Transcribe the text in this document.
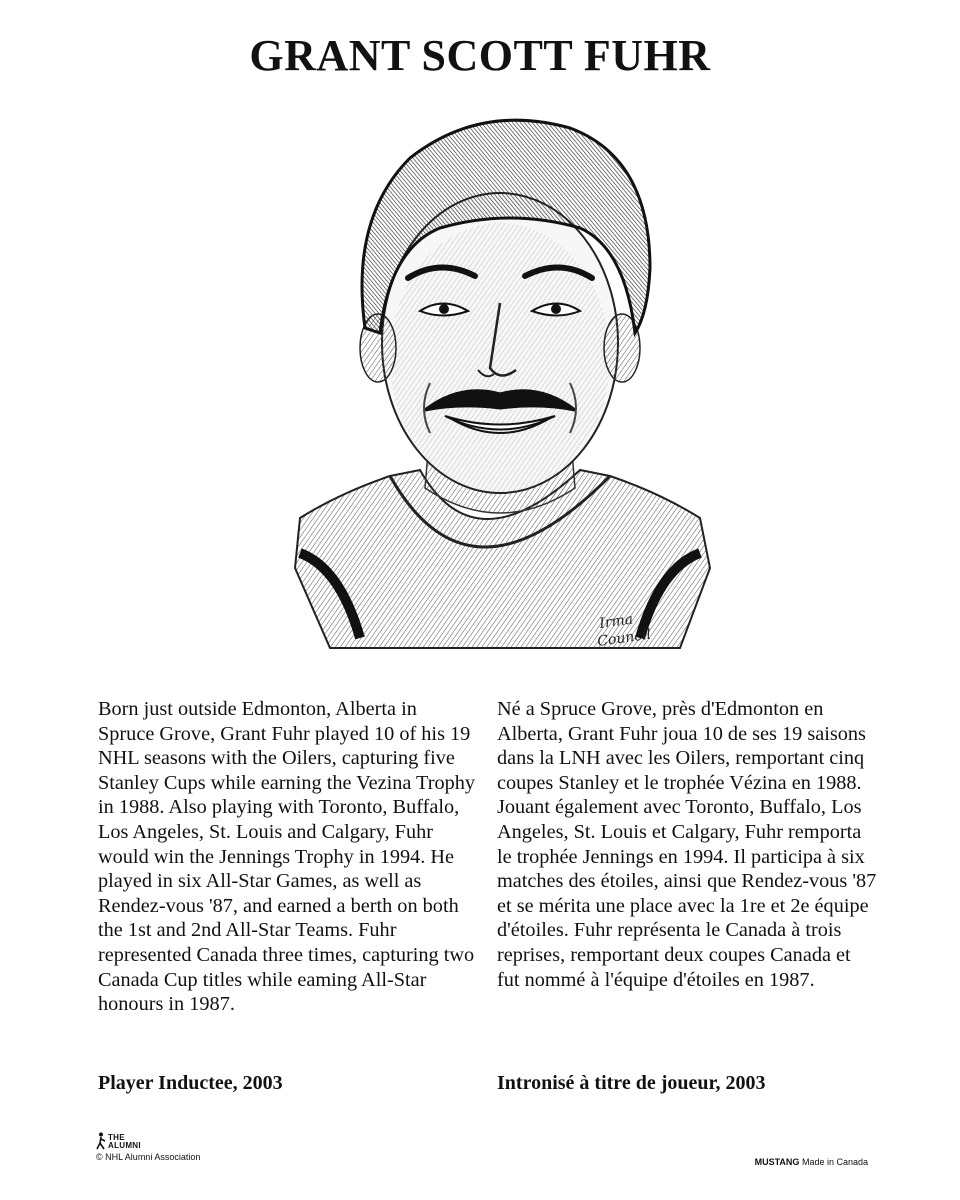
GRANT SCOTT FUHR
Irma
Council

Born just outside Edmonton, Alberta in Spruce Grove, Grant Fuhr played 10 of his 19 NHL seasons with the Oilers, capturing five Stanley Cups while earning the Vezina Trophy in 1988. Also playing with Toronto, Buffalo, Los Angeles, St. Louis and Calgary, Fuhr would win the Jennings Trophy in 1994. He played in six All-Star Games, as well as Rendez-vous '87, and earned a berth on both the 1st and 2nd All-Star Teams. Fuhr represented Canada three times, capturing two Canada Cup titles while eaming All-Star honours in 1987.

Né a Spruce Grove, près d'Edmonton en Alberta, Grant Fuhr joua 10 de ses 19 saisons dans la LNH avec les Oilers, remportant cinq coupes Stanley et le trophée Vézina en 1988. Jouant également avec Toronto, Buffalo, Los Angeles, St. Louis et Calgary, Fuhr remporta le trophée Jennings en 1994. Il participa à six matches des étoiles, ainsi que Rendez-vous '87 et se mérita une place avec la 1re et 2e équipe d'étoiles. Fuhr représenta le Canada à trois reprises, remportant deux coupes Canada et fut nommé à l'équipe d'étoiles en 1987.

Player Inductee, 2003	Intronisé à titre de joueur, 2003
THE
ALUMNI
© NHL Alumni Association	MUSTANG Made in Canada
